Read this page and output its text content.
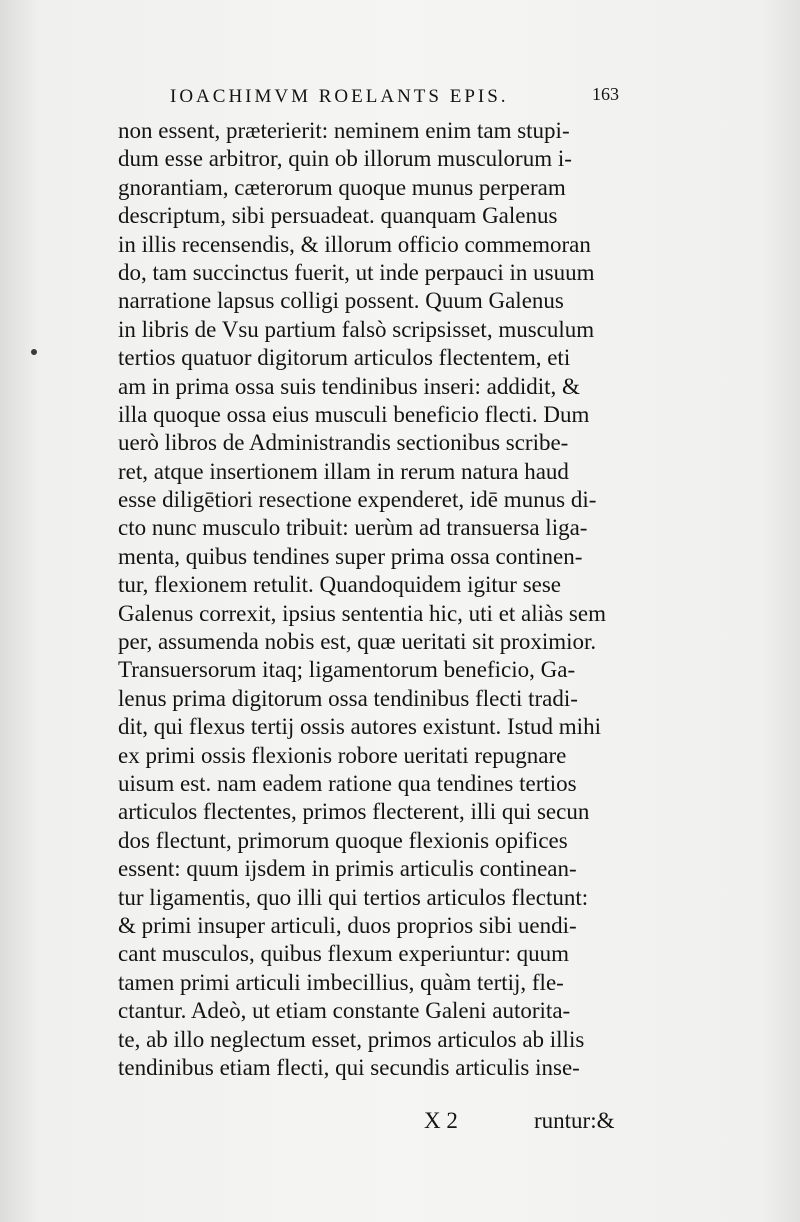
IOACHIMVM ROELANTS EPIS.	163
non essent, præterierit: neminem enim tam stupi-
dum esse arbitror, quin ob illorum musculorum i-
gnorantiam, cæterorum quoque munus perperam
descriptum, sibi persuadeat. quanquam Galenus
in illis recensendis, & illorum officio commemoran
do, tam succinctus fuerit, ut inde perpauci in usuum
narratione lapsus colligi possent. Quum Galenus
in libris de Vsu partium falsò scripsisset, musculum
tertios quatuor digitorum articulos flectentem, eti
am in prima ossa suis tendinibus inseri: addidit, &
illa quoque ossa eius musculi beneficio flecti. Dum
uerò libros de Administrandis sectionibus scribe-
ret, atque insertionem illam in rerum natura haud
esse diligētiori resectione expenderet, idē munus di-
cto nunc musculo tribuit: uerùm ad transuersa liga-
menta, quibus tendines super prima ossa continen-
tur, flexionem retulit. Quandoquidem igitur sese
Galenus correxit, ipsius sententia hic, uti et aliàs sem
per, assumenda nobis est, quæ ueritati sit proximior.
Transuersorum itaq; ligamentorum beneficio, Ga-
lenus prima digitorum ossa tendinibus flecti tradi-
dit, qui flexus tertij ossis autores existunt. Istud mihi
ex primi ossis flexionis robore ueritati repugnare
uisum est. nam eadem ratione qua tendines tertios
articulos flectentes, primos flecterent, illi qui secun
dos flectunt, primorum quoque flexionis opifices
essent: quum ijsdem in primis articulis continean-
tur ligamentis, quo illi qui tertios articulos flectunt:
& primi insuper articuli, duos proprios sibi uendi-
cant musculos, quibus flexum experiuntur: quum
tamen primi articuli imbecillius, quàm tertij, fle-
ctantur. Adeò, ut etiam constante Galeni autorita-
te, ab illo neglectum esset, primos articulos ab illis
tendinibus etiam flecti, qui secundis articulis inse-
X 2	runtur:&
